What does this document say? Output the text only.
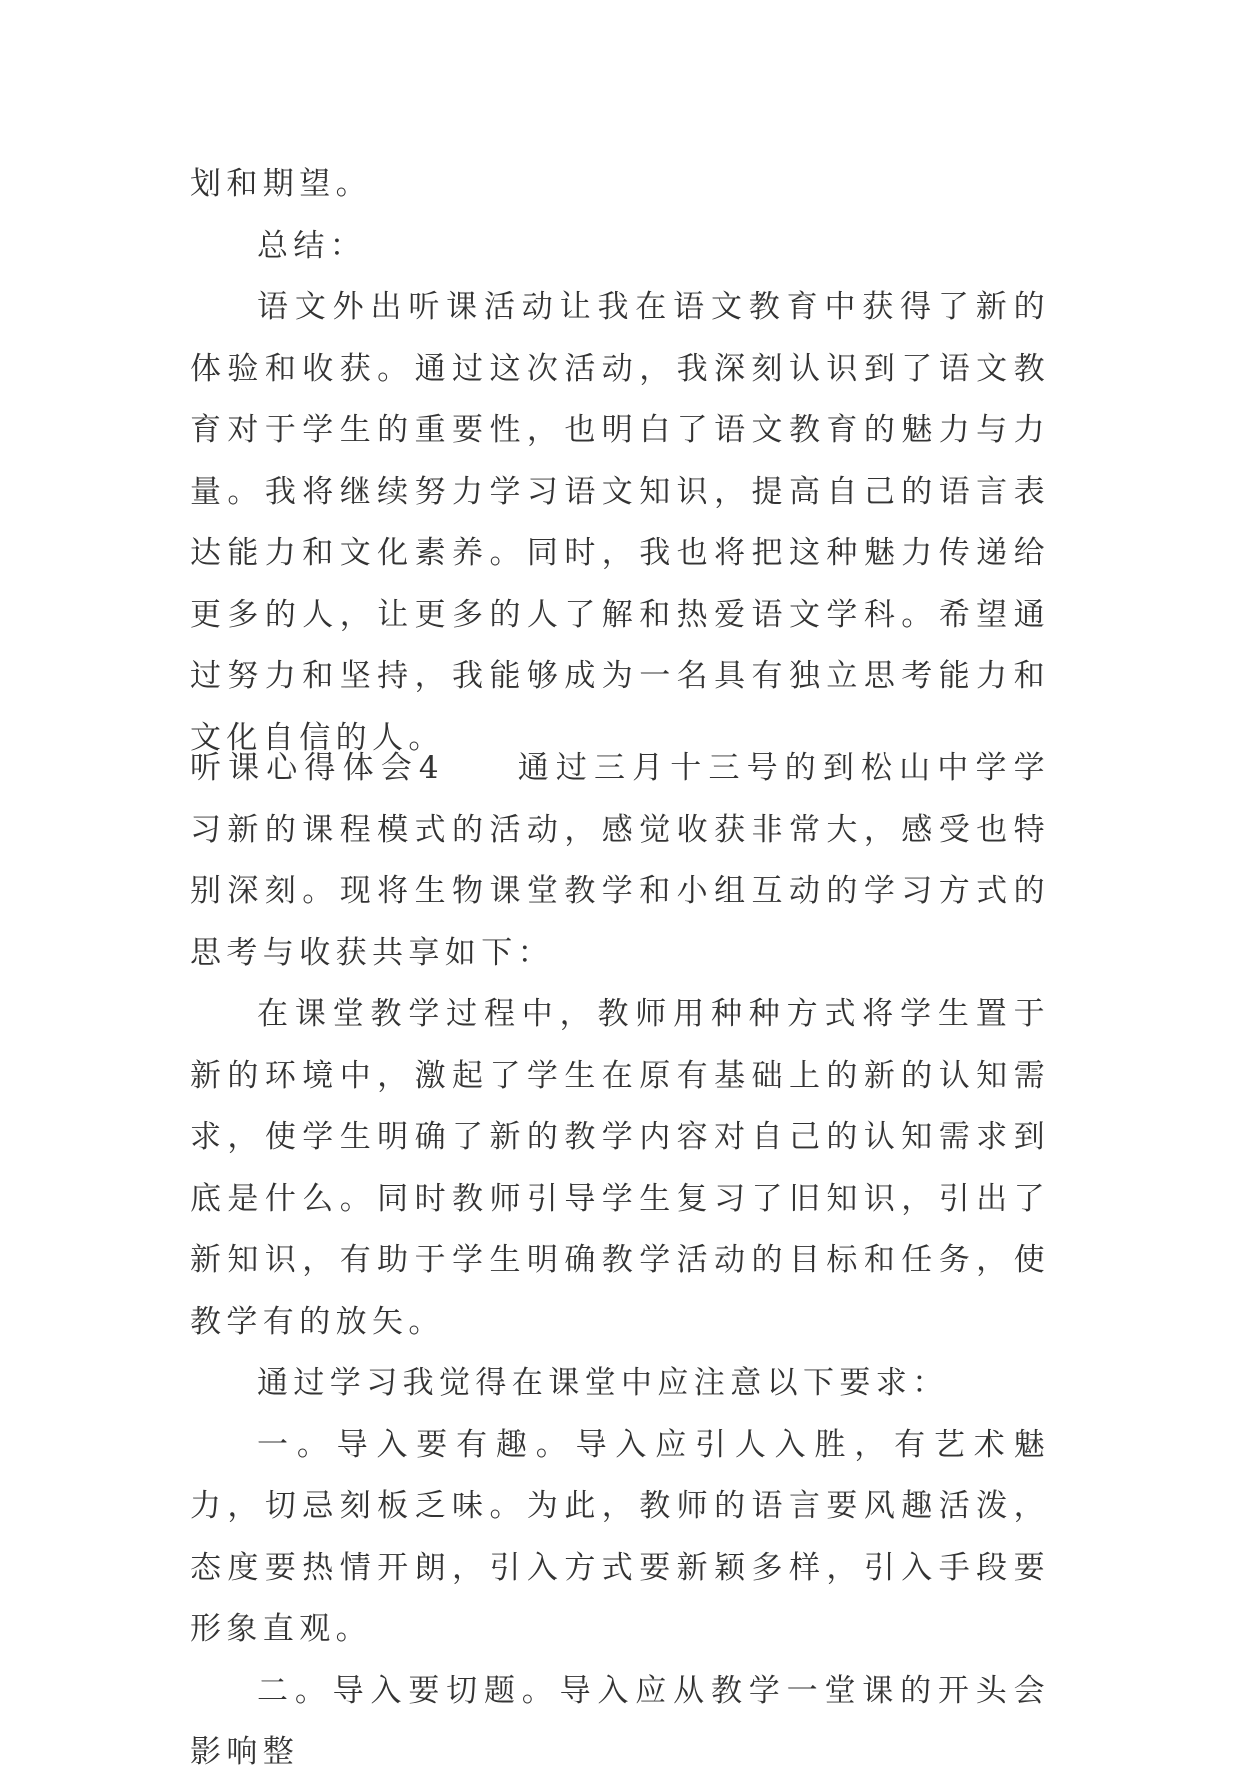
划和期望。

总结：

语文外出听课活动让我在语文教育中获得了新的体验和收获。通过这次活动，我深刻认识到了语文教育对于学生的重要性，也明白了语文教育的魅力与力量。我将继续努力学习语文知识，提高自己的语言表达能力和文化素养。同时，我也将把这种魅力传递给更多的人，让更多的人了解和热爱语文学科。希望通过努力和坚持，我能够成为一名具有独立思考能力和文化自信的人。

听课心得体会4 通过三月十三号的到松山中学学习新的课程模式的活动，感觉收获非常大，感受也特别深刻。现将生物课堂教学和小组互动的学习方式的思考与收获共享如下：

在课堂教学过程中，教师用种种方式将学生置于新的环境中，激起了学生在原有基础上的新的认知需求，使学生明确了新的教学内容对自己的认知需求到底是什么。同时教师引导学生复习了旧知识，引出了新知识，有助于学生明确教学活动的目标和任务，使教学有的放矢。

通过学习我觉得在课堂中应注意以下要求：

一。导入要有趣。导入应引人入胜，有艺术魅力，切忌刻板乏味。为此，教师的语言要风趣活泼，态度要热情开朗，引入方式要新颖多样，引入手段要形象直观。

二。导入要切题。导入应从教学一堂课的开头会影响整
